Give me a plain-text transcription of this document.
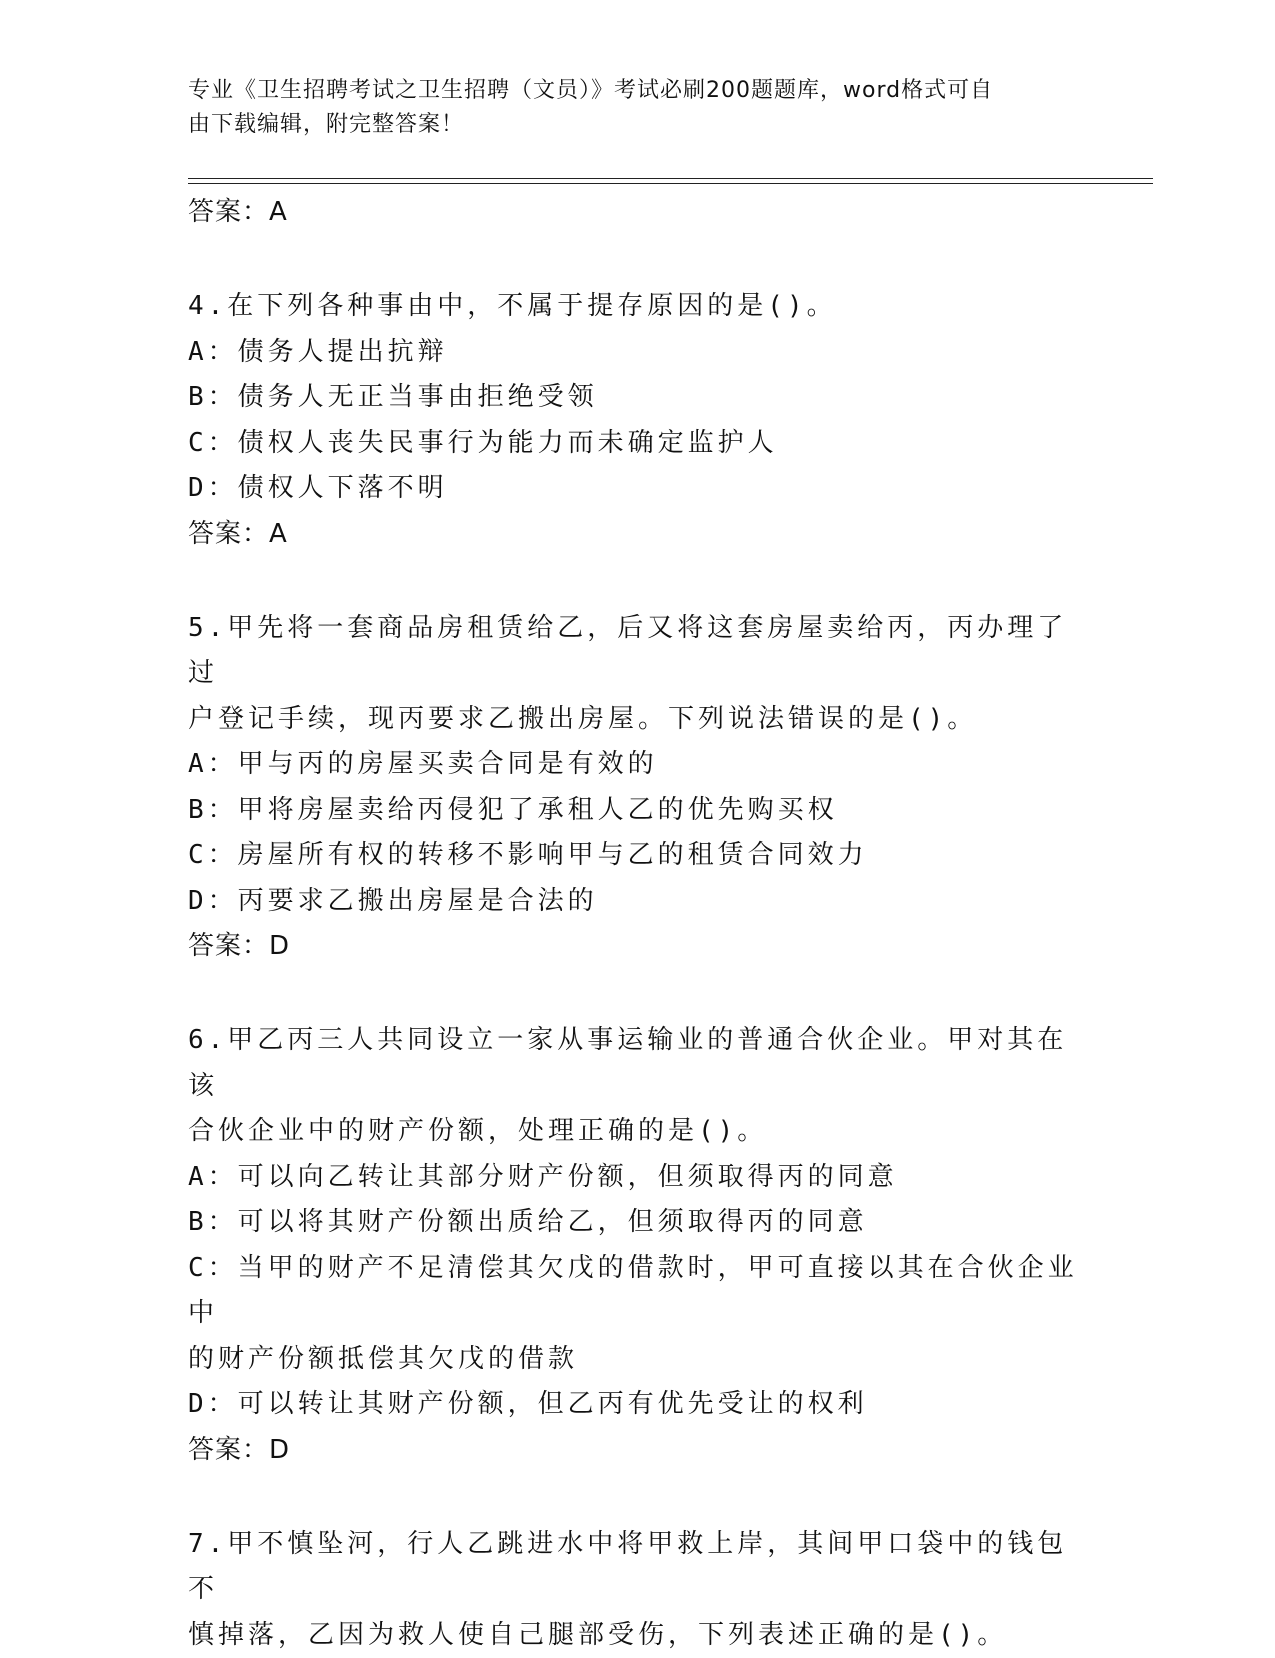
专业《卫生招聘考试之卫生招聘（文员）》考试必刷200题题库，word格式可自
由下载编辑，附完整答案！

答案：A

4.在下列各种事由中，不属于提存原因的是()。

A：债务人提出抗辩

B：债务人无正当事由拒绝受领

C：债权人丧失民事行为能力而未确定监护人

D：债权人下落不明

答案：A

5.甲先将一套商品房租赁给乙，后又将这套房屋卖给丙，丙办理了过

户登记手续，现丙要求乙搬出房屋。下列说法错误的是()。

A：甲与丙的房屋买卖合同是有效的

B：甲将房屋卖给丙侵犯了承租人乙的优先购买权

C：房屋所有权的转移不影响甲与乙的租赁合同效力

D：丙要求乙搬出房屋是合法的

答案：D

6.甲乙丙三人共同设立一家从事运输业的普通合伙企业。甲对其在该

合伙企业中的财产份额，处理正确的是()。

A：可以向乙转让其部分财产份额，但须取得丙的同意

B：可以将其财产份额出质给乙，但须取得丙的同意

C：当甲的财产不足清偿其欠戊的借款时，甲可直接以其在合伙企业中

的财产份额抵偿其欠戊的借款

D：可以转让其财产份额，但乙丙有优先受让的权利

答案：D

7.甲不慎坠河，行人乙跳进水中将甲救上岸，其间甲口袋中的钱包不

慎掉落，乙因为救人使自己腿部受伤，下列表述正确的是()。
